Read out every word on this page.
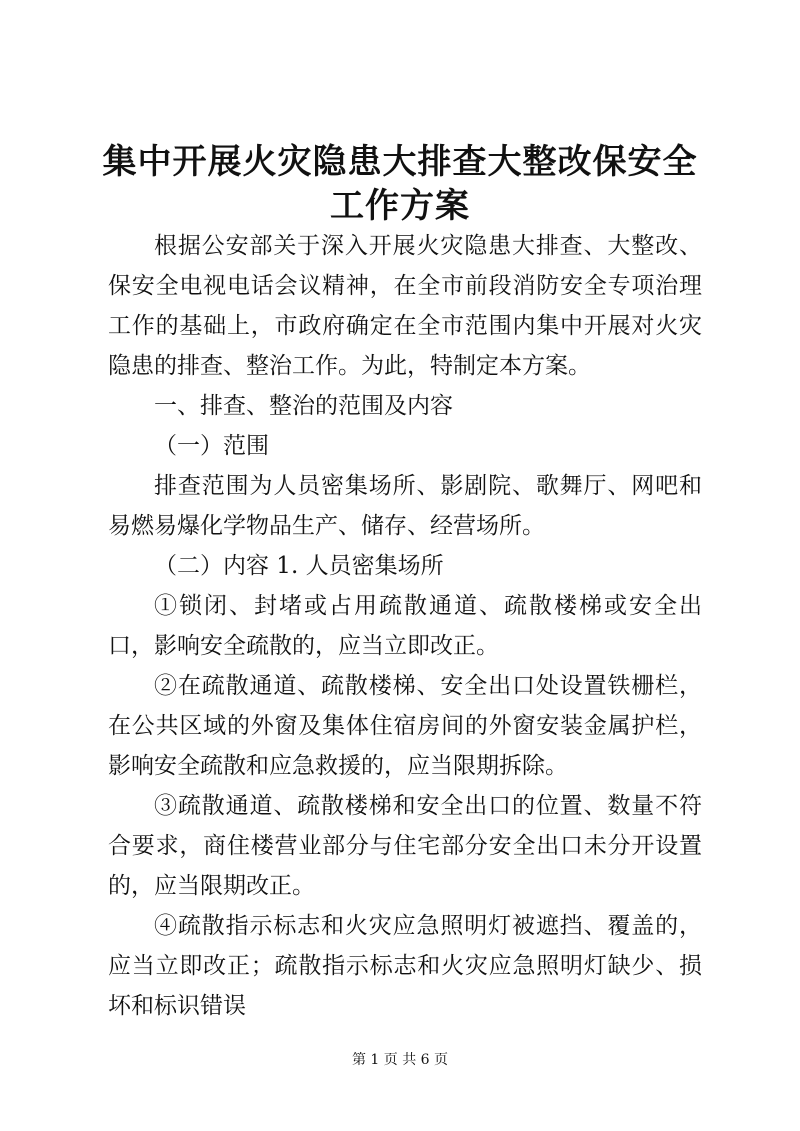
集中开展火灾隐患大排查大整改保安全工作方案

根据公安部关于深入开展火灾隐患大排查、大整改、保安全电视电话会议精神，在全市前段消防安全专项治理工作的基础上，市政府确定在全市范围内集中开展对火灾隐患的排查、整治工作。为此，特制定本方案。

一、排查、整治的范围及内容

（一）范围

排查范围为人员密集场所、影剧院、歌舞厅、网吧和易燃易爆化学物品生产、储存、经营场所。

（二）内容 1. 人员密集场所

①锁闭、封堵或占用疏散通道、疏散楼梯或安全出口，影响安全疏散的，应当立即改正。

②在疏散通道、疏散楼梯、安全出口处设置铁栅栏，在公共区域的外窗及集体住宿房间的外窗安装金属护栏，影响安全疏散和应急救援的，应当限期拆除。

③疏散通道、疏散楼梯和安全出口的位置、数量不符合要求，商住楼营业部分与住宅部分安全出口未分开设置的，应当限期改正。

④疏散指示标志和火灾应急照明灯被遮挡、覆盖的，应当立即改正；疏散指示标志和火灾应急照明灯缺少、损坏和标识错误

第 1 页 共 6 页
